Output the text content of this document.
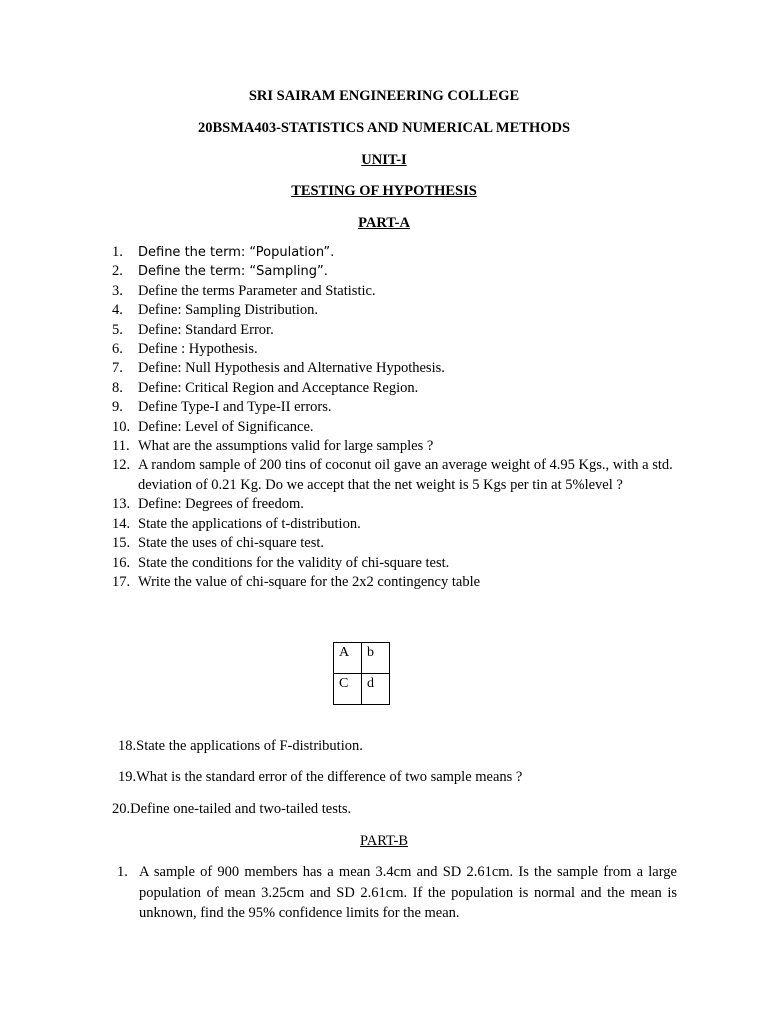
SRI SAIRAM ENGINEERING COLLEGE
20BSMA403-STATISTICS AND NUMERICAL METHODS
UNIT-I
TESTING OF HYPOTHESIS
PART-A
1.	Define the term: “Population”.
2.	Define the term: “Sampling”.
3.	Define the terms Parameter and Statistic.
4.	Define: Sampling Distribution.
5.	Define: Standard Error.
6.	Define : Hypothesis.
7.	Define: Null Hypothesis and Alternative Hypothesis.
8.	Define: Critical Region and Acceptance Region.
9.	Define Type-I and Type-II errors.
10. Define: Level of Significance.
11. What are the assumptions valid for large samples ?
12. A random sample of 200 tins of coconut oil gave an average weight of 4.95 Kgs., with a std. deviation of 0.21 Kg. Do we accept that the net weight is 5 Kgs per tin at 5%level ?
13. Define: Degrees of freedom.
14. State the applications of t-distribution.
15. State the uses of chi-square test.
16. State the conditions for the validity of chi-square test.
17. Write the value of chi-square for the 2x2 contingency table
A	b
C	d
18.State the applications of F-distribution.
19.What is the standard error of the difference of two sample means ?
20.Define one-tailed and two-tailed tests.
PART-B
1. A sample of 900 members has a mean 3.4cm and SD 2.61cm. Is the sample from a large population of mean 3.25cm and SD 2.61cm. If the population is normal and the mean is unknown, find the 95% confidence limits for the mean.
